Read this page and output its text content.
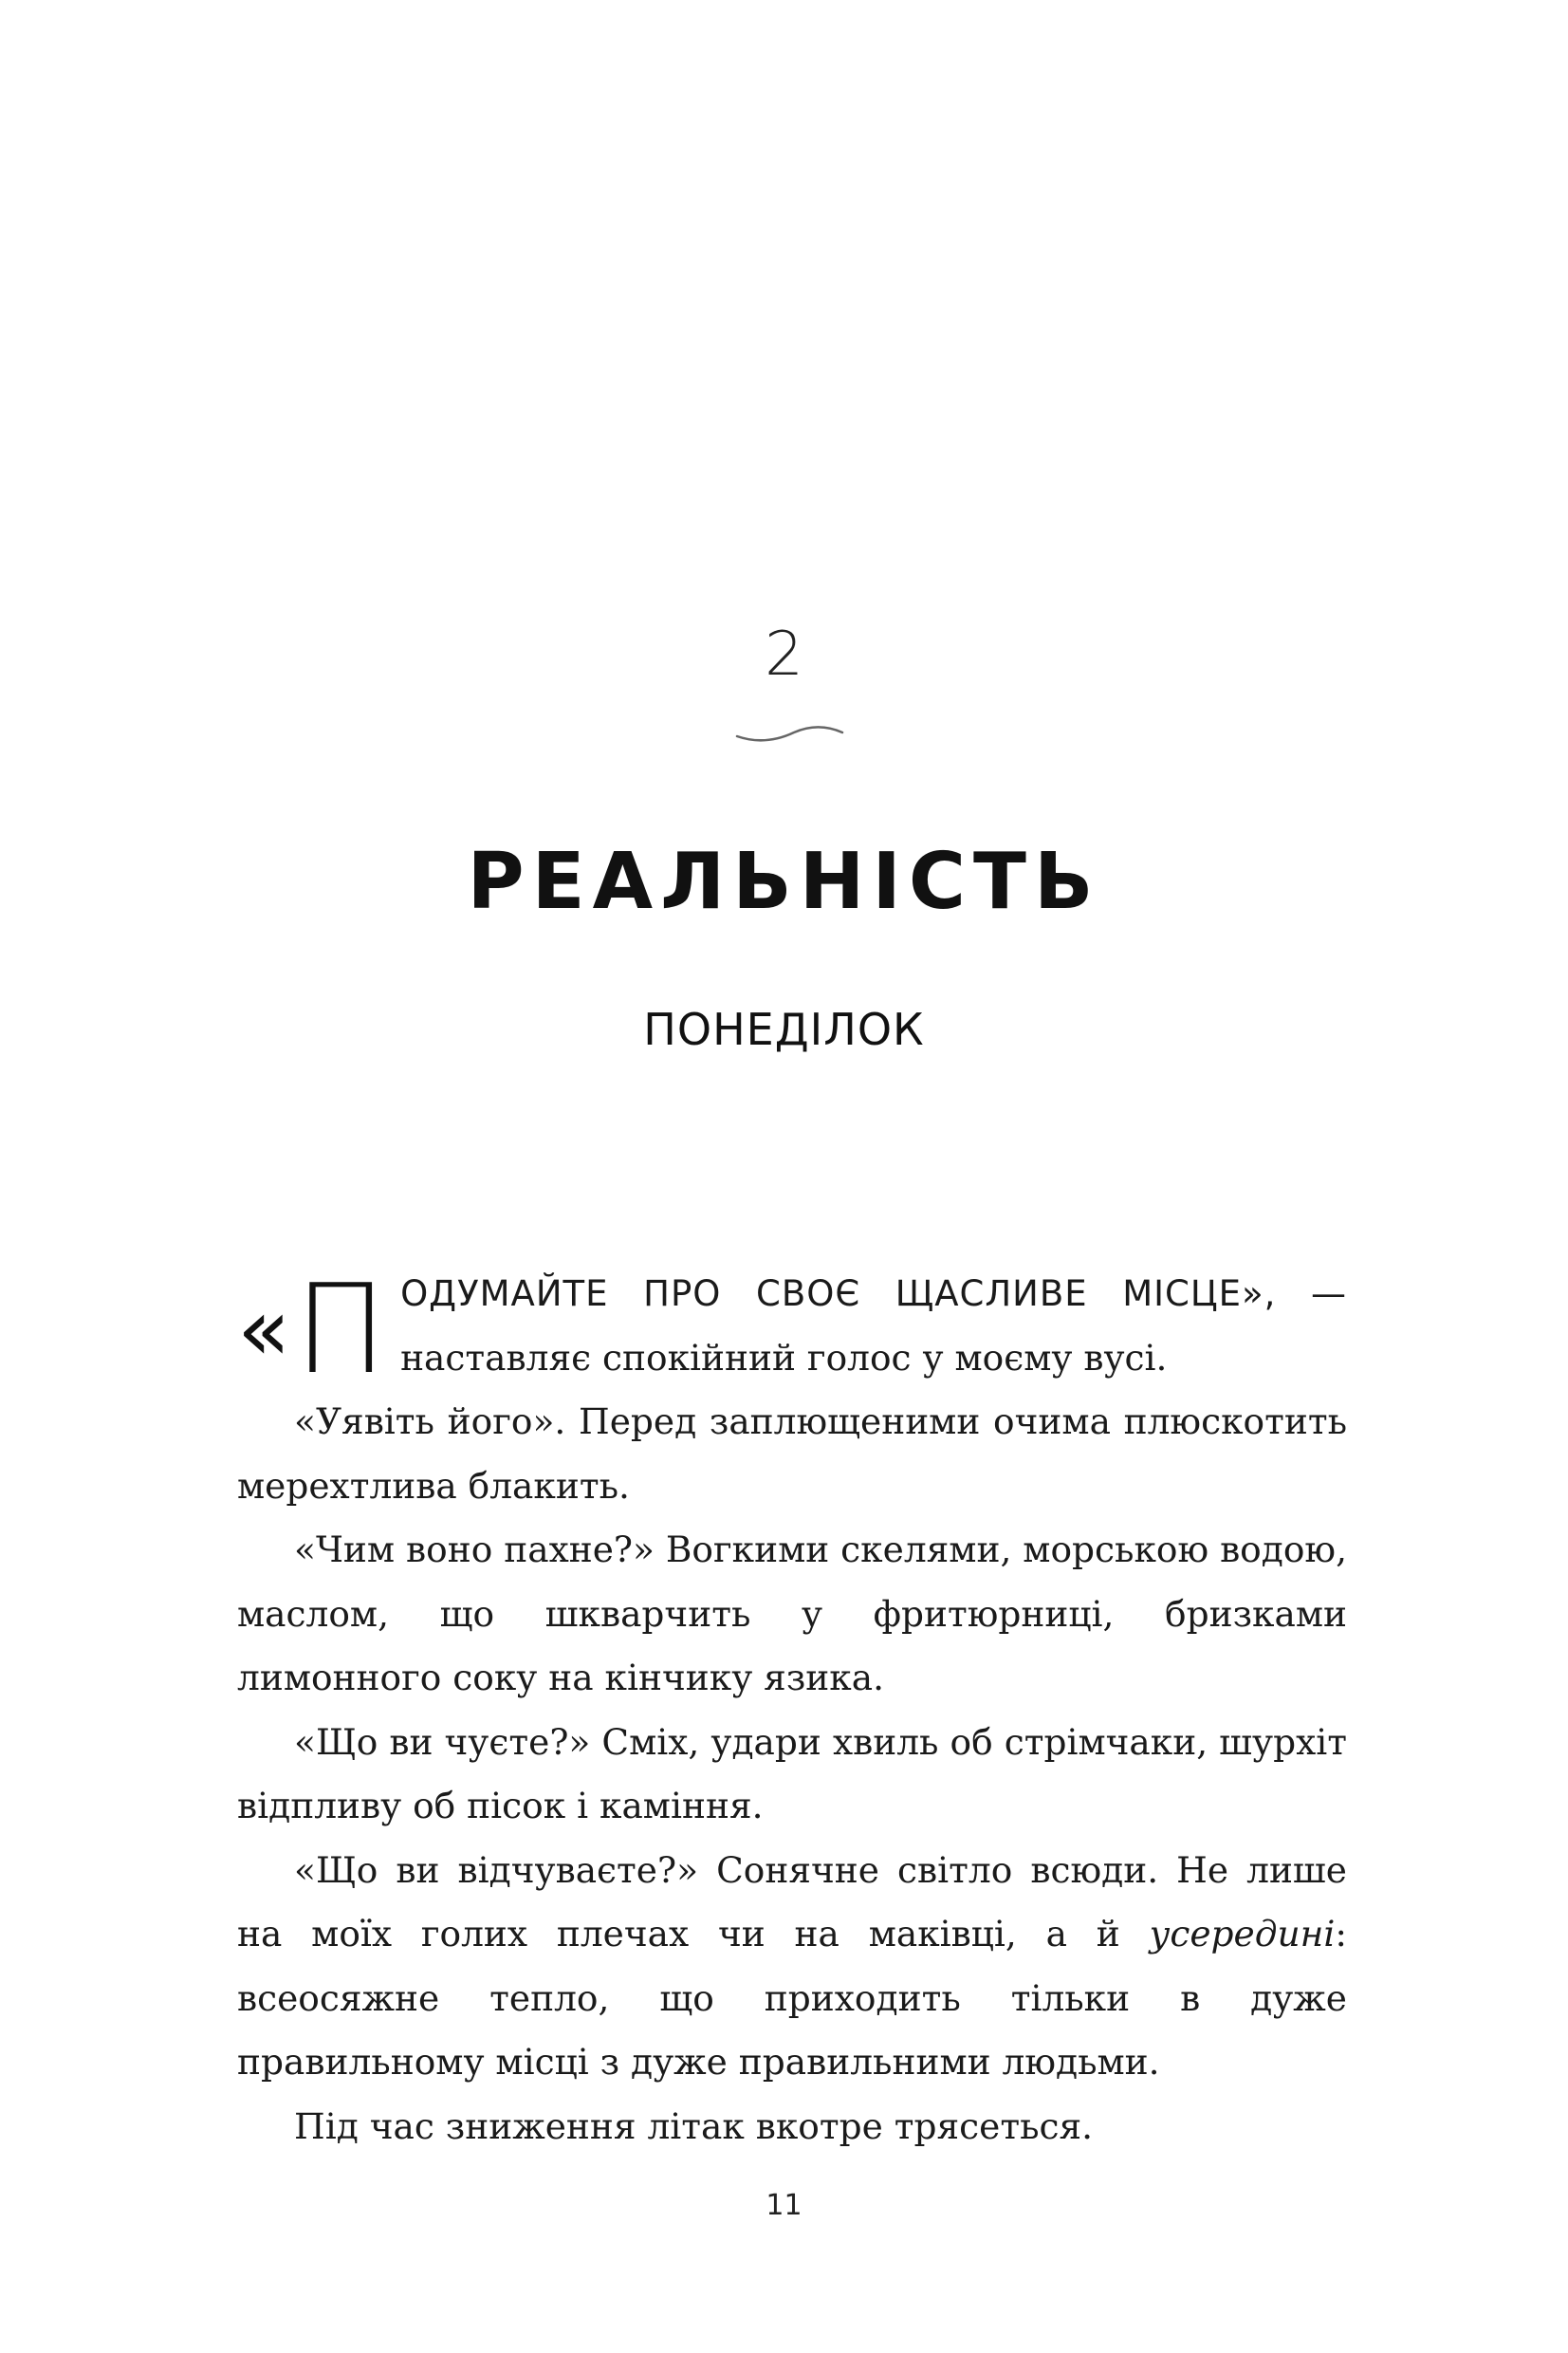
2
РЕАЛЬНІСТЬ
ПОНЕДІЛОК

« П ОДУМАЙТЕ ПРО СВОЄ ЩАСЛИВЕ МІСЦЕ», — наставляє спокійний голос у моєму вусі.

«Уявіть його». Перед заплющеними очима плюскотить мерехтлива блакить.

«Чим воно пахне?» Вогкими скелями, морською водою, маслом, що шкварчить у фритюрниці, бризками лимонного соку на кінчику язика.

«Що ви чуєте?» Сміх, удари хвиль об стрімчаки, шурхіт відпливу об пісок і каміння.

«Що ви відчуваєте?» Сонячне світло всюди. Не лише на моїх голих плечах чи на маківці, а й усередині: всеосяжне тепло, що приходить тільки в дуже правильному місці з дуже правильними людьми.

Під час зниження літак вкотре трясеться.

11
